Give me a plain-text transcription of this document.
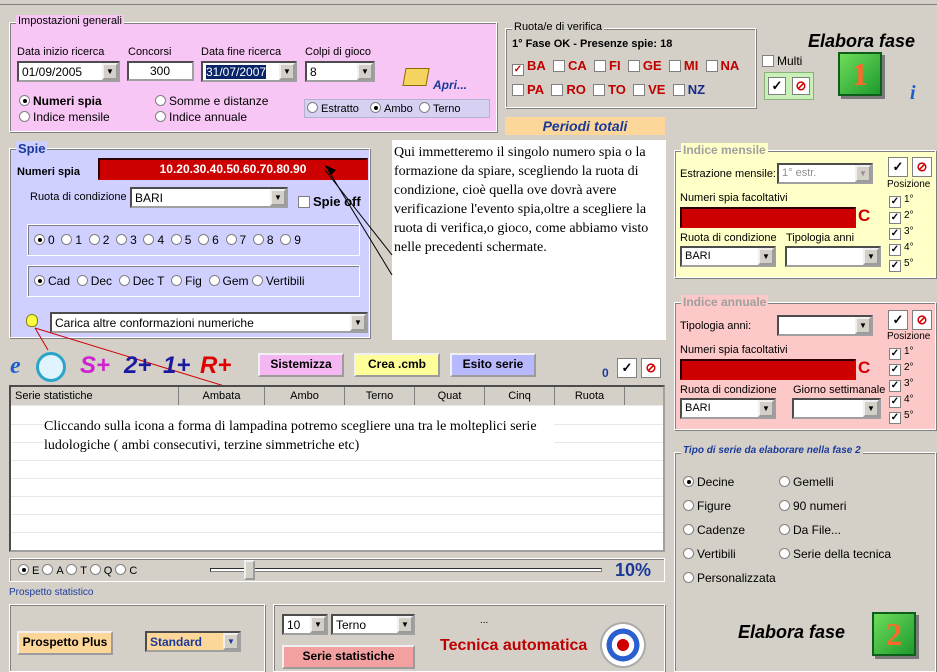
Impostazioni generali
Data inizio ricerca
01/09/2005	▼
Concorsi
300
Data fine ricerca
31/07/2007	▼
Colpi di gioco
8	▼
Apri...
Numeri spia
Indice mensile
Somme e distanze
Indice annuale
Estratto	Ambo	Terno
Ruota/e di verifica
1° Fase OK - Presenze spie: 18
✓ BA CA FI GE MI NA
PA RO TO VE NZ
Multi
✓ ⊘
Elabora fase
1
i
Periodi totali
Spie
Numeri spia	10.20.30.40.50.60.70.80.90
Ruota di condizione BARI	▼	Spie off
0 1 2 3 4 5 6 7 8 9
Cad Dec Dec T Fig Gem Vertibili
Carica altre conformazioni numeriche	▼
Qui immetteremo il singolo numero spia o la formazione da spiare, scegliendo la ruota di condizione, cioè quella ove dovrà avere verificazione l'evento spia,oltre a scegliere la ruota di verifica,o gioco, come abbiamo visto nelle precedenti schermate.
e	S+ 2+ 1+ R+	Sistemizza	Crea .cmb	Esito serie
0 ✓	⊘
Serie statistiche	Ambata	Ambo	Terno	Quat	Cinq	Ruota
Cliccando sulla icona a forma di lampadina potremo scegliere una tra le molteplici serie ludologiche ( ambi consecutivi, terzine simmetriche etc)
E A T Q C	10%
Prospetto statistico
Prospetto Plus	Standard	▼
10	▼	Terno	▼	...
Serie statistiche
Tecnica automatica
Indice mensile
Estrazione mensile: 1° estr.	▼
Numeri spia facoltativi
C
Ruota di condizione Tipologia anni
BARI	▼	▼
✓	⊘
Posizione
✓ 1°
✓ 2°
✓ 3°
✓ 4°
✓ 5°
Indice annuale
Tipologia anni:	▼
Numeri spia facoltativi
C
Ruota di condizione Giorno settimanale
BARI	▼	▼
✓	⊘
Posizione
✓ 1°
✓ 2°
✓ 3°
✓ 4°
✓ 5°
Tipo di serie da elaborare nella fase 2
Decine
Figure
Cadenze
Vertibili
Personalizzata
Gemelli
90 numeri
Da File...
Serie della tecnica
Elabora fase	2
